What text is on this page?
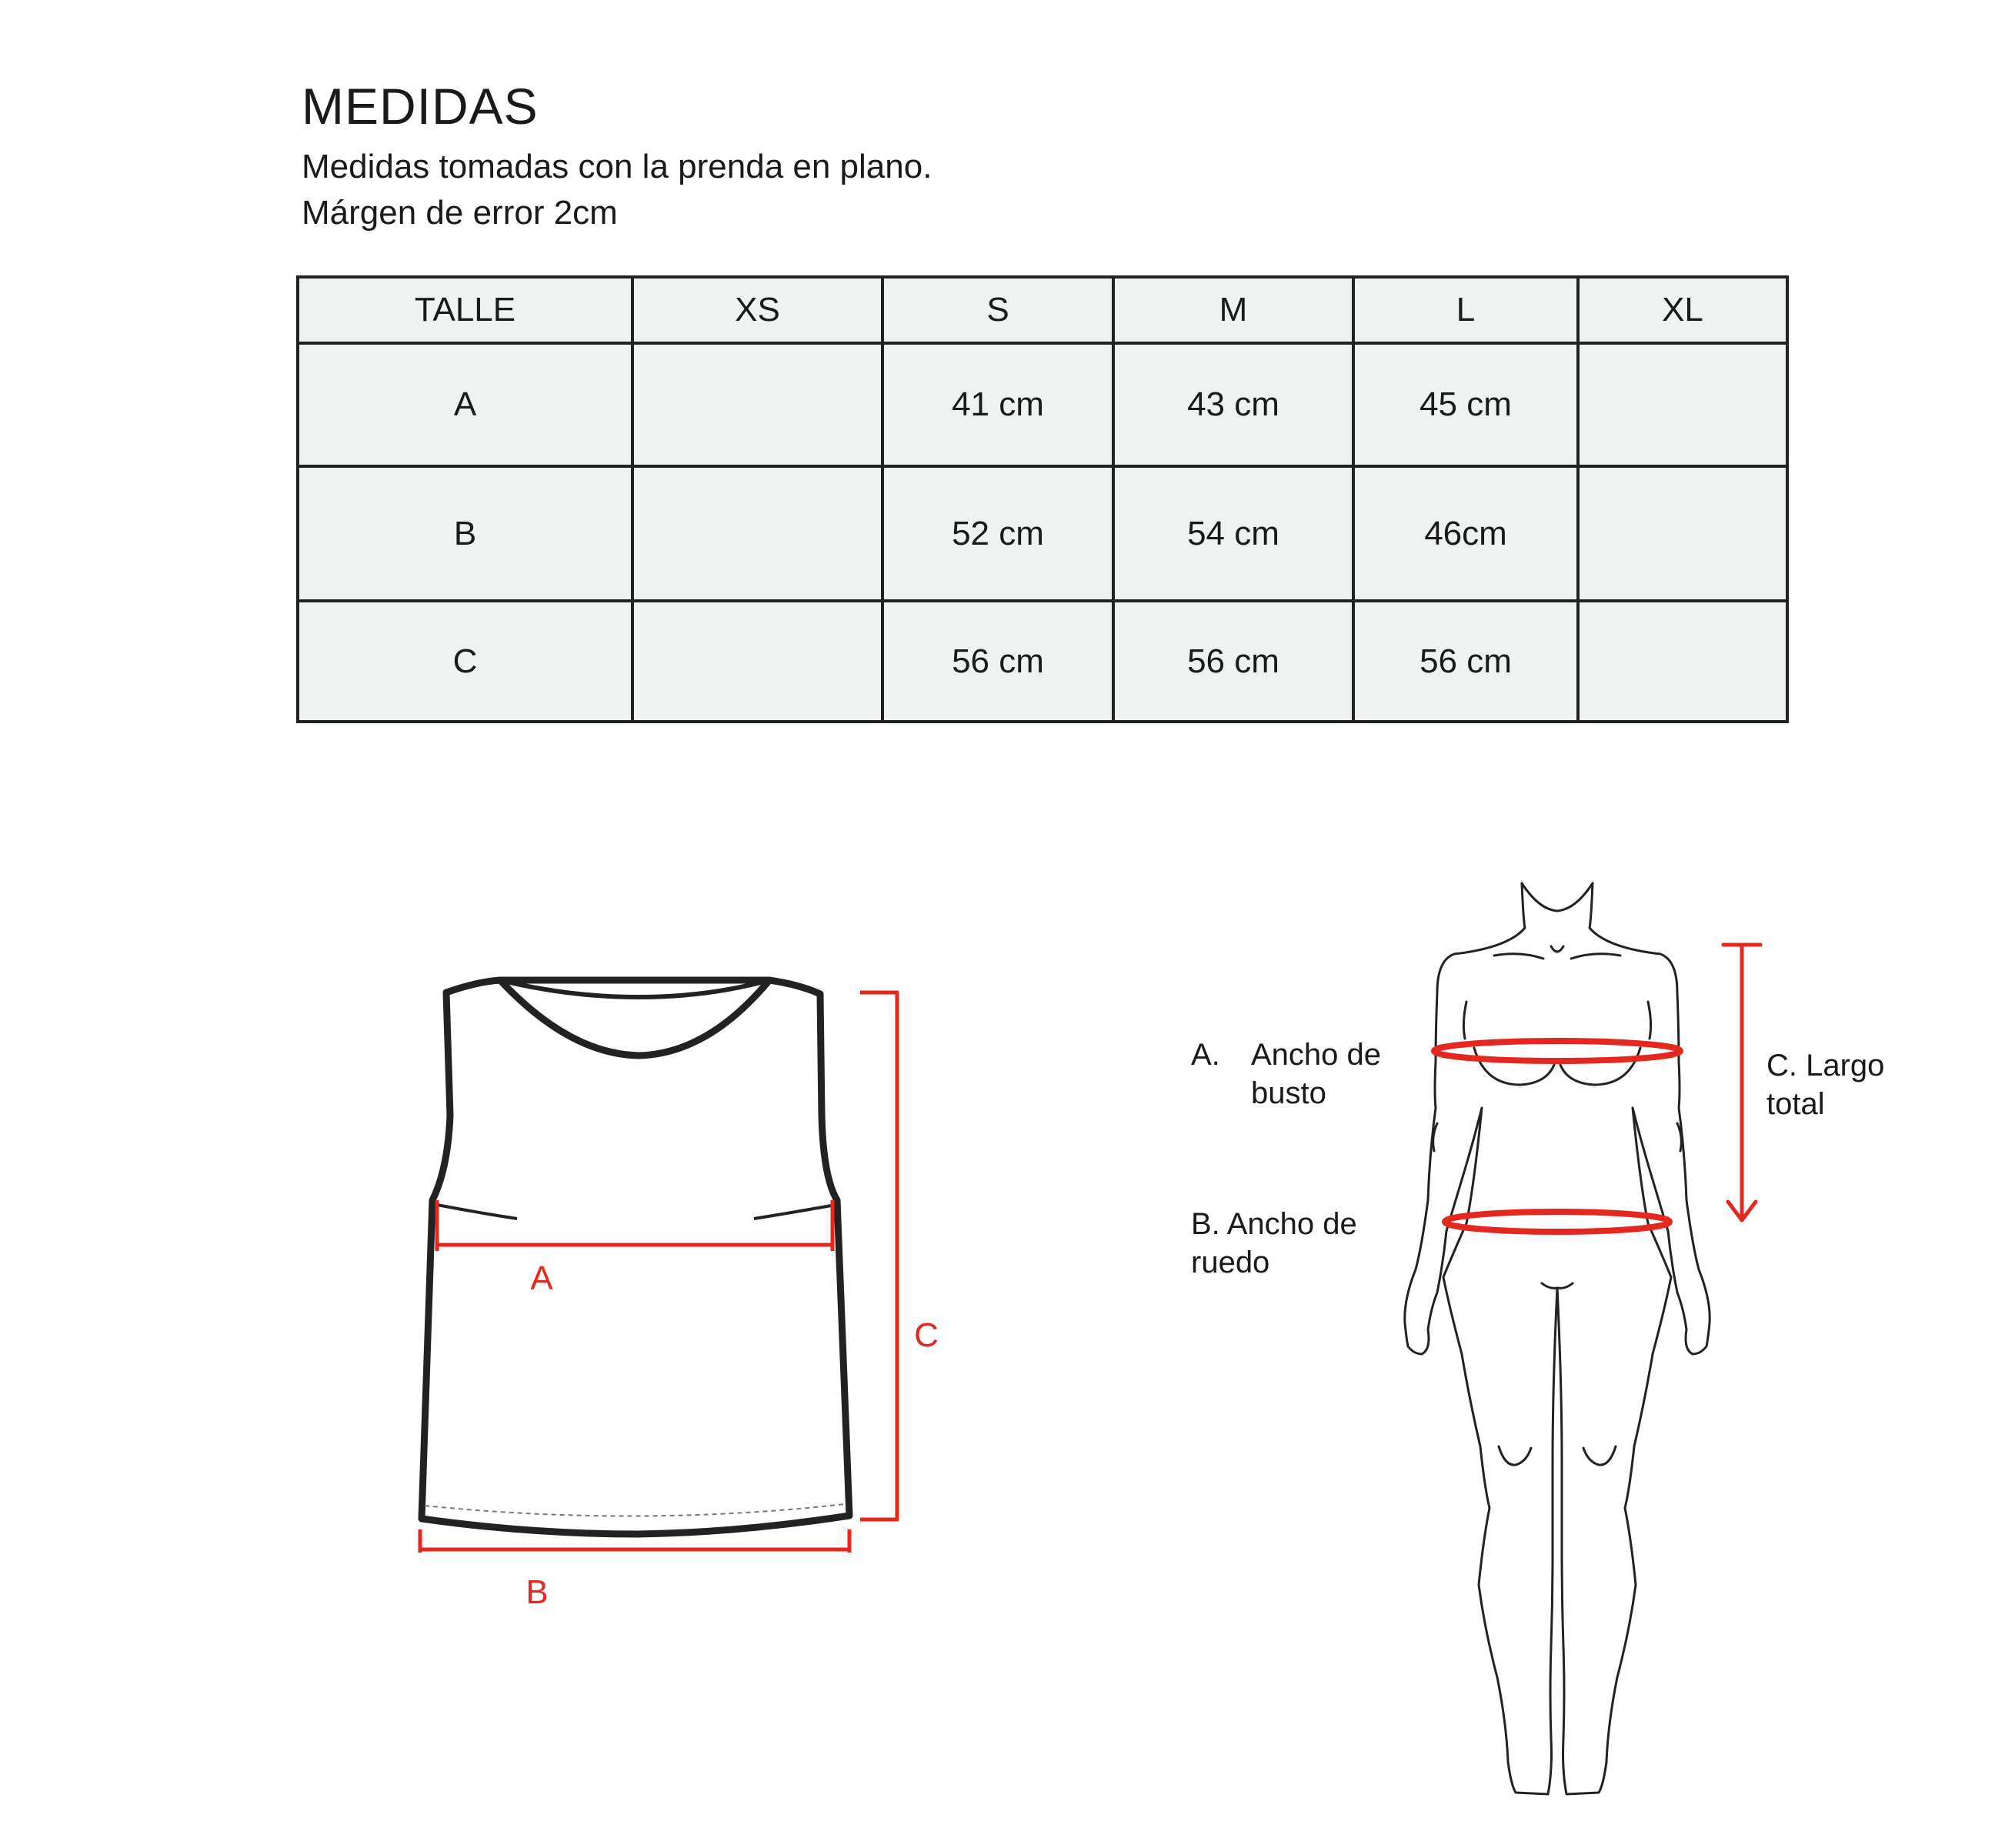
MEDIDAS

Medidas tomadas con la prenda en plano.

Márgen de error 2cm

TALLE	XS	S	M	L	XL
A		41 cm	43 cm	45 cm	
B		52 cm	54 cm	46cm	
C		56 cm	56 cm	56 cm	
A
B
C
A. Ancho de
busto
B. Ancho de
ruedo
C. Largo
total
